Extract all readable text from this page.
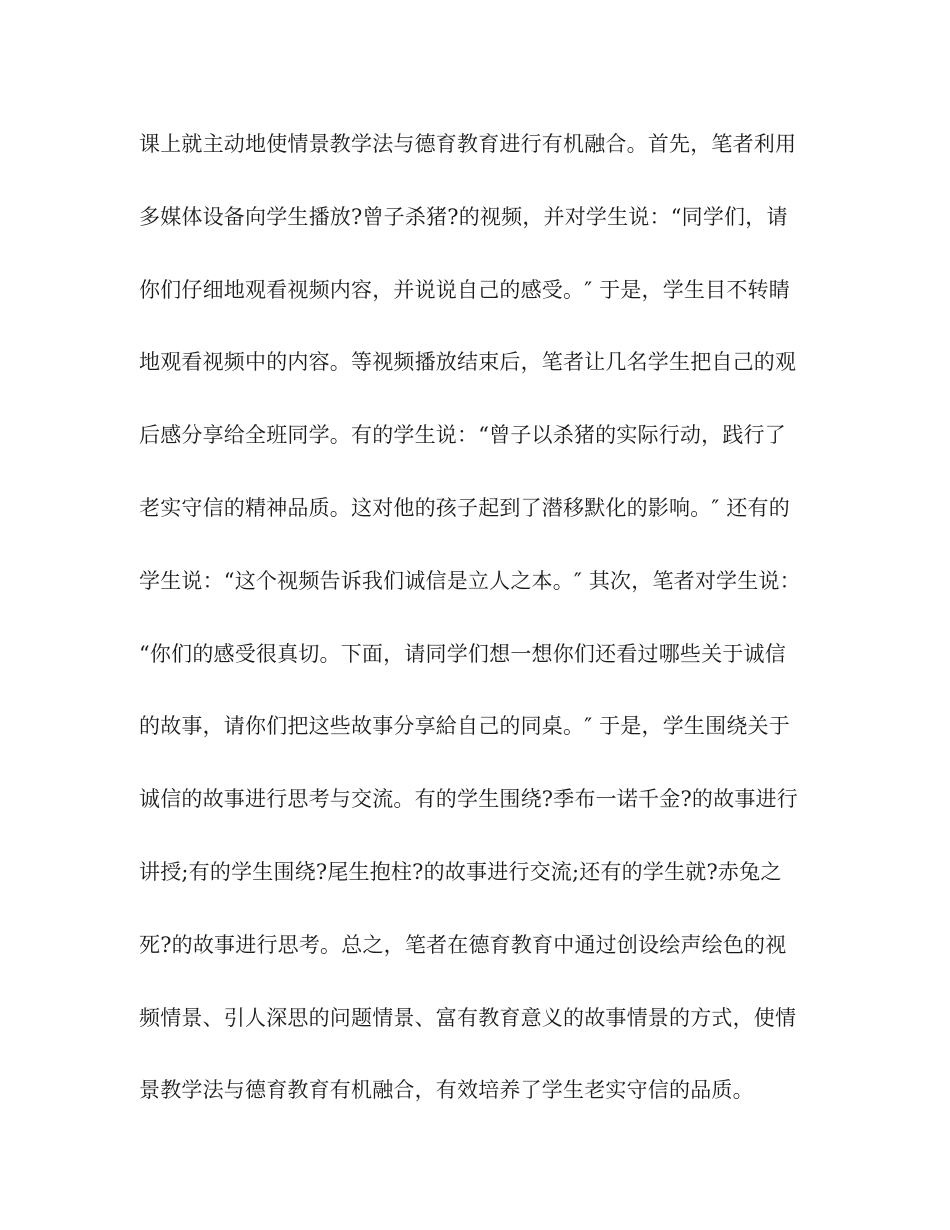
课上就主动地使情景教学法与德育教育进行有机融合。首先，笔者利用
多媒体设备向学生播放?曾子杀猪?的视频，并对学生说：“同学们，请
你们仔细地观看视频内容，并说说自己的感受。″ 于是，学生目不转睛
地观看视频中的内容。等视频播放结束后，笔者让几名学生把自己的观
后感分享给全班同学。有的学生说：“曾子以杀猪的实际行动，践行了
老实守信的精神品质。这对他的孩子起到了潜移默化的影响。″ 还有的
学生说：“这个视频告诉我们诚信是立人之本。″ 其次，笔者对学生说：
“你们的感受很真切。下面，请同学们想一想你们还看过哪些关于诚信
的故事，请你们把这些故事分享給自己的同桌。″ 于是，学生围绕关于
诚信的故事进行思考与交流。有的学生围绕?季布一诺千金?的故事进行
讲授;有的学生围绕?尾生抱柱?的故事进行交流;还有的学生就?赤兔之
死?的故事进行思考。总之，笔者在德育教育中通过创设绘声绘色的视
频情景、引人深思的问题情景、富有教育意义的故事情景的方式，使情
景教学法与德育教育有机融合，有效培养了学生老实守信的品质。
